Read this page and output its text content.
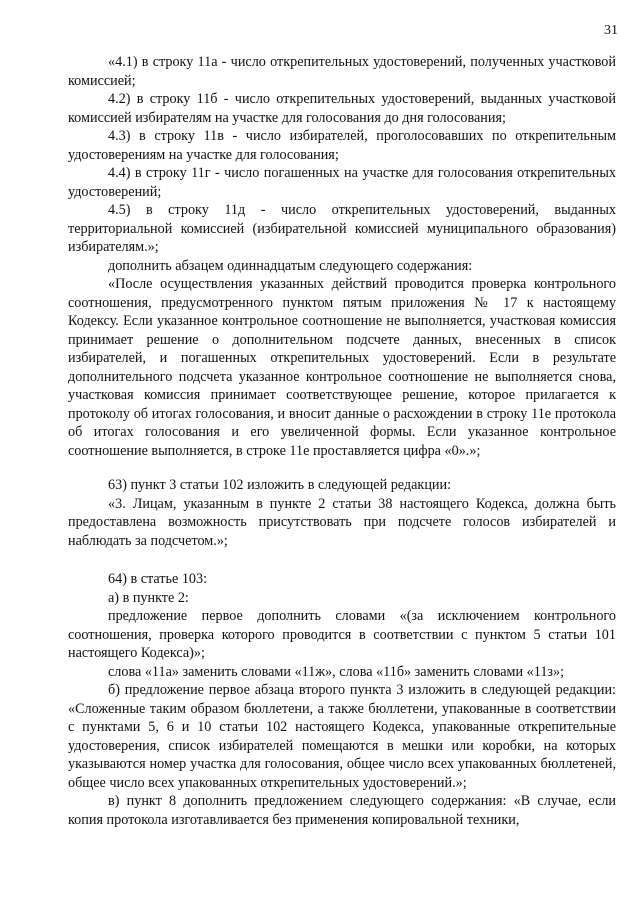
31

«4.1) в строку 11а - число открепительных удостоверений, полученных участковой комиссией;

4.2) в строку 11б - число открепительных удостоверений, выданных участковой комиссией избирателям на участке для голосования до дня голосования;

4.3) в строку 11в - число избирателей, проголосовавших по открепительным удостоверениям на участке для голосования;

4.4) в строку 11г - число погашенных на участке для голосования открепительных удостоверений;

4.5) в строку 11д - число открепительных удостоверений, выданных территориальной комиссией (избирательной комиссией муниципального образования) избирателям.»;

дополнить абзацем одиннадцатым следующего содержания:

«После осуществления указанных действий проводится проверка контрольного соотношения, предусмотренного пунктом пятым приложения № 17 к настоящему Кодексу. Если указанное контрольное соотношение не выполняется, участковая комиссия принимает решение о дополнительном подсчете данных, внесенных в список избирателей, и погашенных открепительных удостоверений. Если в результате дополнительного подсчета указанное контрольное соотношение не выполняется снова, участковая комиссия принимает соответствующее решение, которое прилагается к протоколу об итогах голосования, и вносит данные о расхождении в строку 11е протокола об итогах голосования и его увеличенной формы. Если указанное контрольное соотношение выполняется, в строке 11е проставляется цифра «0».»;

63) пункт 3 статьи 102 изложить в следующей редакции:

«3. Лицам, указанным в пункте 2 статьи 38 настоящего Кодекса, должна быть предоставлена возможность присутствовать при подсчете голосов избирателей и наблюдать за подсчетом.»;

64) в статье 103:

а) в пункте 2:

предложение первое дополнить словами «(за исключением контрольного соотношения, проверка которого проводится в соответствии с пунктом 5 статьи 101 настоящего Кодекса)»;

слова «11а» заменить словами «11ж», слова «11б» заменить словами «11з»;

б) предложение первое абзаца второго пункта 3 изложить в следующей редакции: «Сложенные таким образом бюллетени, а также бюллетени, упакованные в соответствии с пунктами 5, 6 и 10 статьи 102 настоящего Кодекса, упакованные открепительные удостоверения, список избирателей помещаются в мешки или коробки, на которых указываются номер участка для голосования, общее число всех упакованных бюллетеней, общее число всех упакованных открепительных удостоверений.»;

в) пункт 8 дополнить предложением следующего содержания: «В случае, если копия протокола изготавливается без применения копировальной техники,
